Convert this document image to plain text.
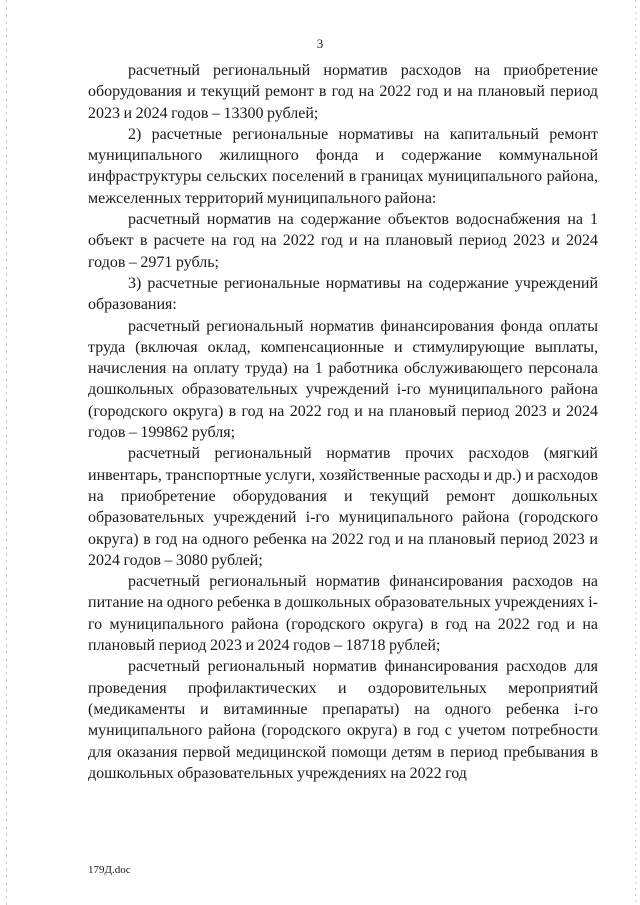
3

расчетный региональный норматив расходов на приобретение оборудования и текущий ремонт в год на 2022 год и на плановый период 2023 и 2024 годов – 13300 рублей;

2) расчетные региональные нормативы на капитальный ремонт муниципального жилищного фонда и содержание коммунальной инфраструктуры сельских поселений в границах муниципального района, межселенных территорий муниципального района:

расчетный норматив на содержание объектов водоснабжения на 1 объект в расчете на год на 2022 год и на плановый период 2023 и 2024 годов – 2971 рубль;

3) расчетные региональные нормативы на содержание учреждений образования:

расчетный региональный норматив финансирования фонда оплаты труда (включая оклад, компенсационные и стимулирующие выплаты, начисления на оплату труда) на 1 работника обслуживающего персонала дошкольных образовательных учреждений i-го муниципального района (городского округа) в год на 2022 год и на плановый период 2023 и 2024 годов – 199862 рубля;

расчетный региональный норматив прочих расходов (мягкий инвентарь, транспортные услуги, хозяйственные расходы и др.) и расходов на приобретение оборудования и текущий ремонт дошкольных образовательных учреждений i-го муниципального района (городского округа) в год на одного ребенка на 2022 год и на плановый период 2023 и 2024 годов – 3080 рублей;

расчетный региональный норматив финансирования расходов на питание на одного ребенка в дошкольных образовательных учреждениях i-го муниципального района (городского округа) в год на 2022 год и на плановый период 2023 и 2024 годов – 18718 рублей;

расчетный региональный норматив финансирования расходов для проведения профилактических и оздоровительных мероприятий (медикаменты и витаминные препараты) на одного ребенка i-го муниципального района (городского округа) в год с учетом потребности для оказания первой медицинской помощи детям в период пребывания в дошкольных образовательных учреждениях на 2022 год

179Д.doc
